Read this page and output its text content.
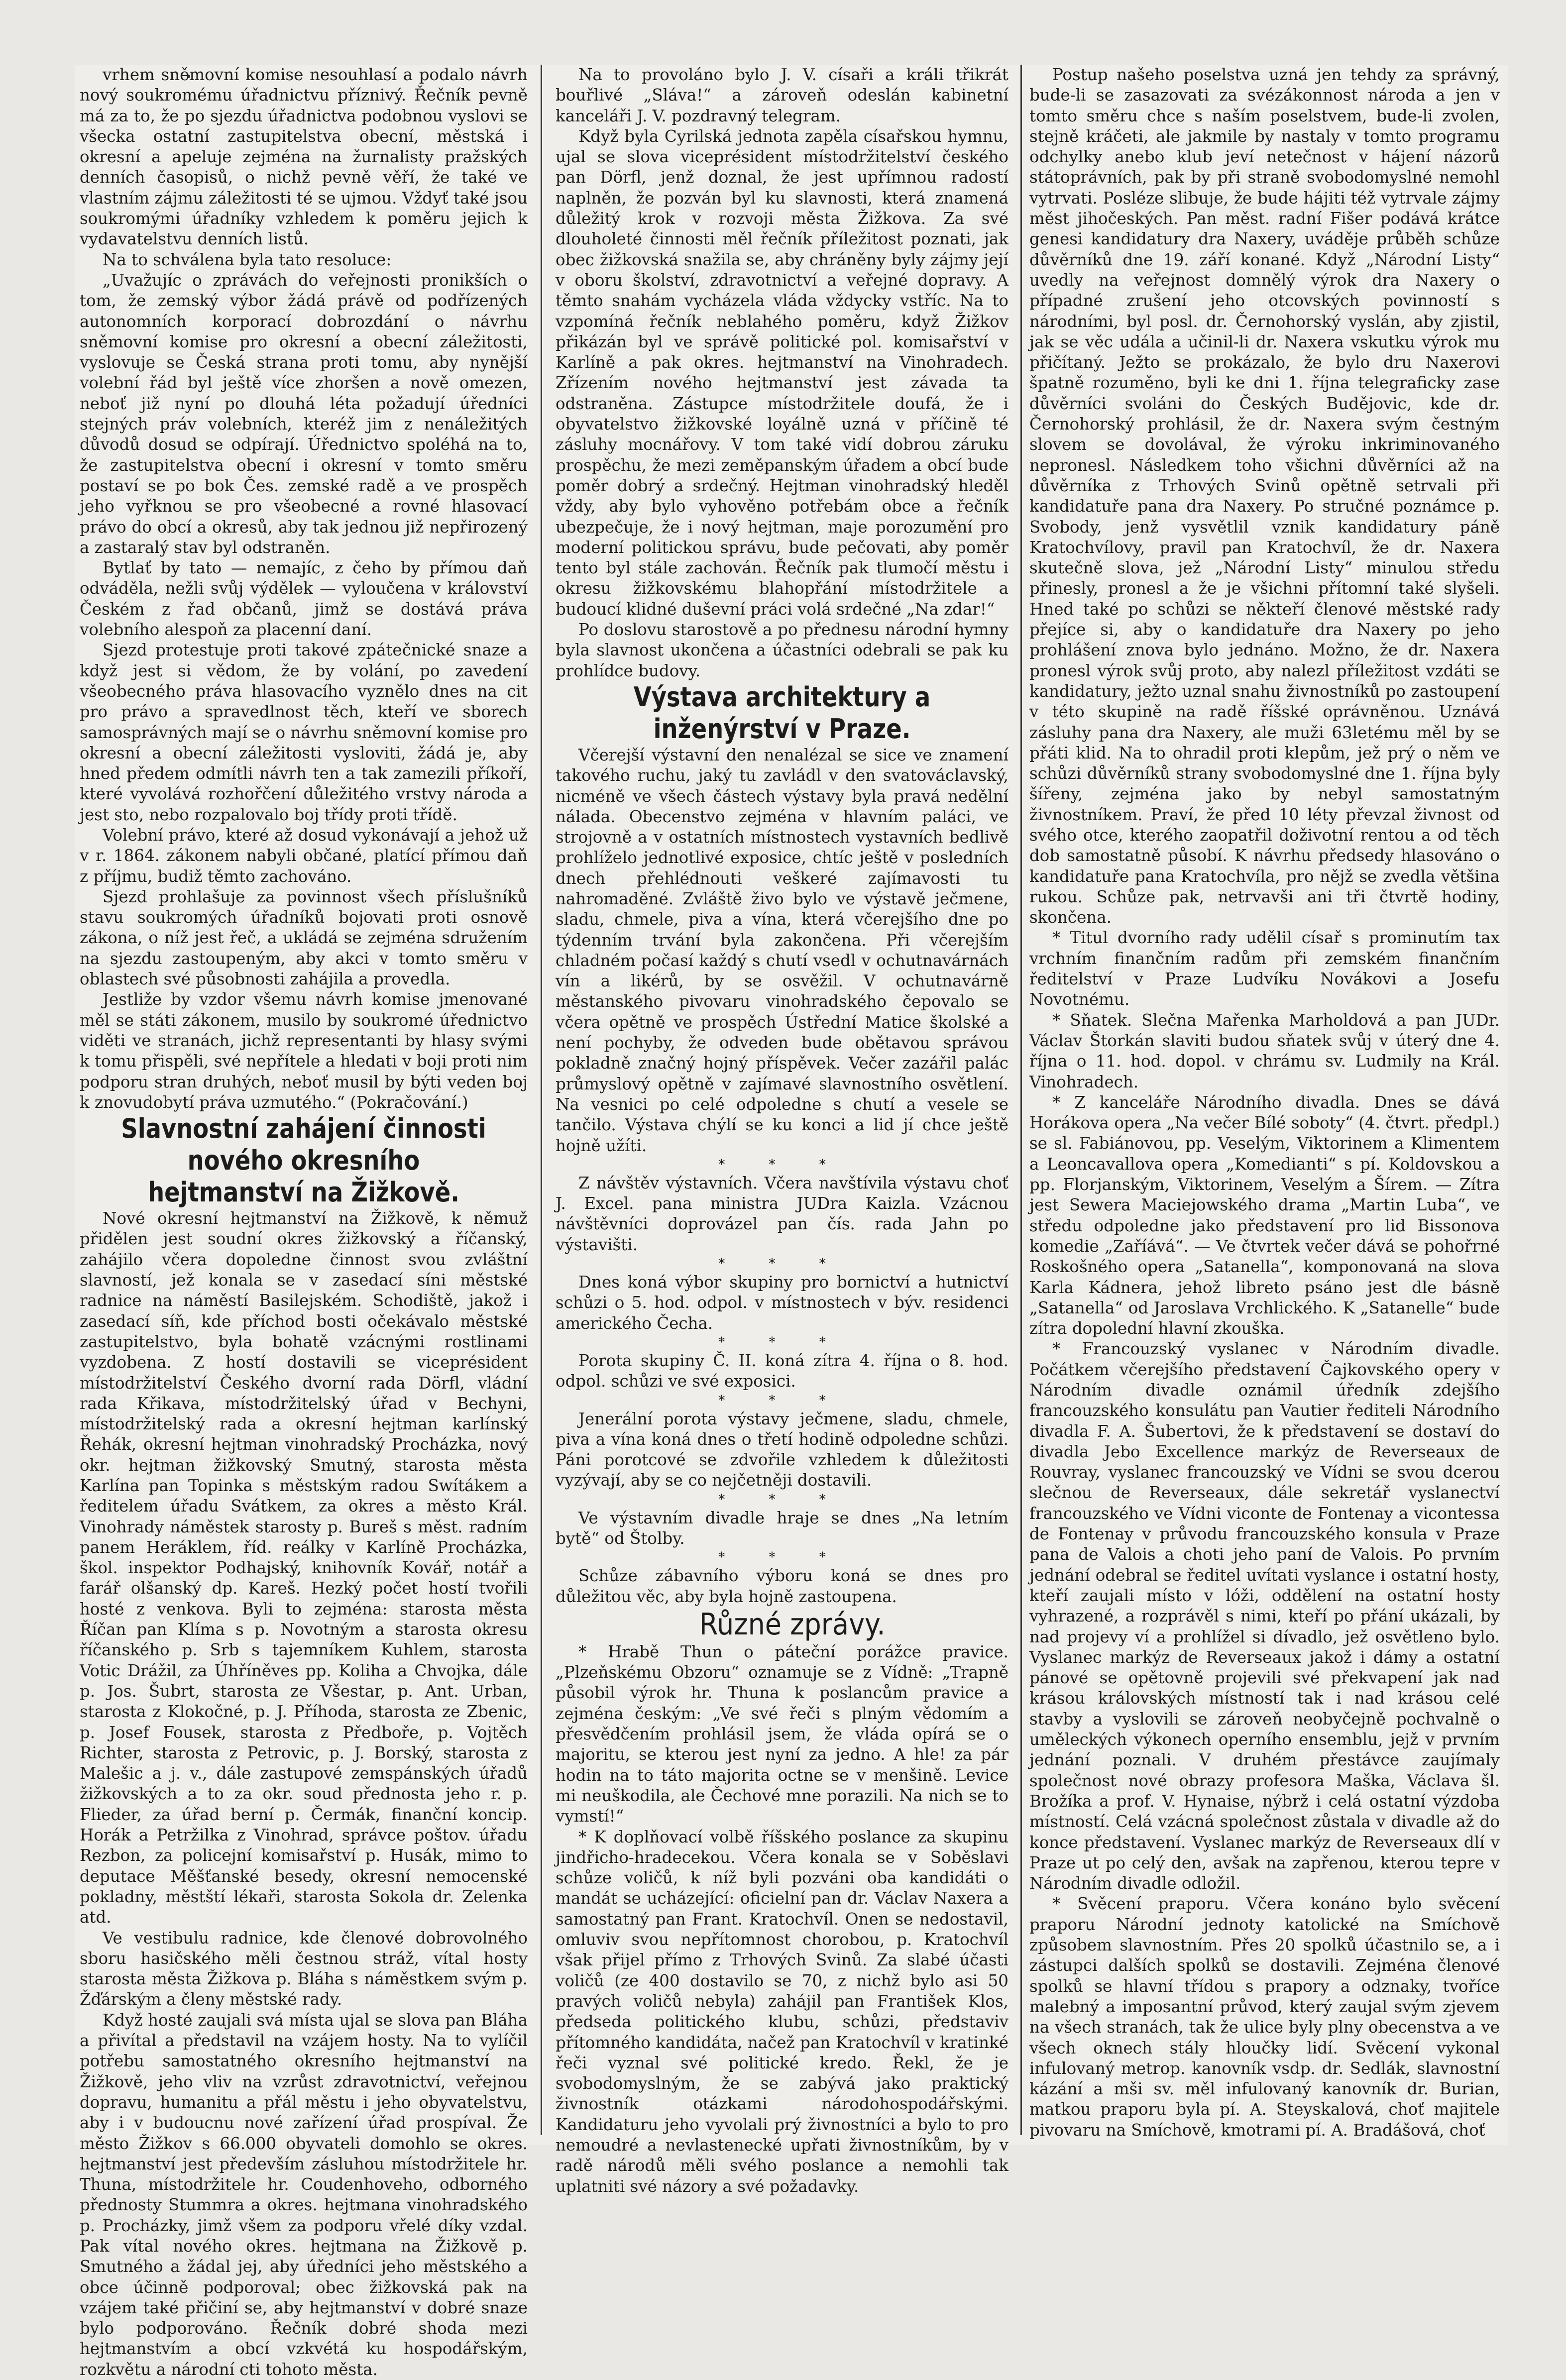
vrhem sněmovní komise nesouhlasí a podalo návrh nový soukromému úřadnictvu příznivý. Řečník pevně má za to, že po sjezdu úřadnictva podobnou vyslovi se všecka ostatní zastupitelstva obecní, městská i okresní a apeluje zejména na žurnalisty pražských denních časopisů, o nichž pevně věří, že také ve vlastním zájmu záležitosti té se ujmou. Vždyť také jsou soukromými úřadníky vzhledem k poměru jejich k vydavatelstvu denních listů.

Na to schválena byla tato resoluce:

„Uvažujíc o zprávách do veřejnosti pronikších o tom, že zemský výbor žádá právě od podřízených autonomních korporací dobrozdání o návrhu sněmovní komise pro okresní a obecní záležitosti, vyslovuje se Česká strana proti tomu, aby nynější volební řád byl ještě více zhoršen a nově omezen, neboť již nyní po dlouhá léta požadují úředníci stejných práv volebních, kteréž jim z nenáležitých důvodů dosud se odpírají. Úřednictvo spoléhá na to, že zastupitelstva obecní i okresní v tomto směru postaví se po bok Čes. zemské radě a ve prospěch jeho vyřknou se pro všeobecné a rovné hlasovací právo do obcí a okresů, aby tak jednou již nepřirozený a zastaralý stav byl odstraněn.

Bytlať by tato — nemajíc, z čeho by přímou daň odváděla, nežli svůj výdělek — vyloučena v království Českém z řad občanů, jimž se dostává práva volebního alespoň za placenní daní.

Sjezd protestuje proti takové zpátečnické snaze a když jest si vědom, že by volání, po zavedení všeobecného práva hlasovacího vyznělo dnes na cit pro právo a spravedlnost těch, kteří ve sborech samosprávných mají se o návrhu sněmovní komise pro okresní a obecní záležitosti vysloviti, žádá je, aby hned předem odmítli návrh ten a tak zamezili příkoří, které vyvolává rozhořčení důležitého vrstvy národa a jest sto, nebo rozpalovalo boj třídy proti třídě.

Volební právo, které až dosud vykonávají a jehož už v r. 1864. zákonem nabyli občané, platící přímou daň z příjmu, budiž těmto zachováno.

Sjezd prohlašuje za povinnost všech příslušníků stavu soukromých úřadníků bojovati proti osnově zákona, o níž jest řeč, a ukládá se zejména sdružením na sjezdu zastoupeným, aby akci v tomto směru v oblastech své působnosti zahájila a provedla.

Jestliže by vzdor všemu návrh komise jmenované měl se státi zákonem, musilo by soukromé úřednictvo viděti ve stranách, jichž representanti by hlasy svými k tomu přispěli, své nepřítele a hledati v boji proti nim podporu stran druhých, neboť musil by býti veden boj k znovudobytí práva uzmutého.“ (Pokračování.)

Slavnostní zahájení činnosti nového okresního hejtmanství na Žižkově.

Nové okresní hejtmanství na Žižkově, k němuž přidělen jest soudní okres žižkovský a říčanský, zahájilo včera dopoledne činnost svou zvláštní slavností, jež konala se v zasedací síni městské radnice na náměstí Basilejském. Schodiště, jakož i zasedací síň, kde příchod bosti očekávalo městské zastupitelstvo, byla bohatě vzácnými rostlinami vyzdobena. Z hostí dostavili se viceprésident místodržitelství Českého dvorní rada Dörfl, vládní rada Křikava, místodržitelský úřad v Bechyni, místodržitelský rada a okresní hejtman karlínský Řehák, okresní hejtman vinohradský Procházka, nový okr. hejtman žižkovský Smutný, starosta města Karlína pan Topinka s městským radou Swítákem a ředitelem úřadu Svátkem, za okres a město Král. Vinohrady náměstek starosty p. Bureš s měst. radním panem Heráklem, říd. reálky v Karlíně Procházka, škol. inspektor Podhajský, knihovník Kovář, notář a farář olšanský dp. Kareš. Hezký počet hostí tvořili hosté z venkova. Byli to zejména: starosta města Říčan pan Klíma s p. Novotným a starosta okresu říčanského p. Srb s tajemníkem Kuhlem, starosta Votic Drážil, za Úhříněves pp. Koliha a Chvojka, dále p. Jos. Šubrt, starosta ze Všestar, p. Ant. Urban, starosta z Klokočné, p. J. Příhoda, starosta ze Zbenic, p. Josef Fousek, starosta z Předboře, p. Vojtěch Richter, starosta z Petrovic, p. J. Borský, starosta z Malešic a j. v., dále zastupové zemspánských úřadů žižkovských a to za okr. soud přednosta jeho r. p. Flieder, za úřad berní p. Čermák, finanční koncip. Horák a Petržilka z Vinohrad, správce poštov. úřadu Rezbon, za policejní komisařství p. Husák, mimo to deputace Měšťanské besedy, okresní nemocenské pokladny, městští lékaři, starosta Sokola dr. Zelenka atd.

Ve vestibulu radnice, kde členové dobrovolného sboru hasičského měli čestnou stráž, vítal hosty starosta města Žižkova p. Bláha s náměstkem svým p. Žďárským a členy městské rady.

Když hosté zaujali svá místa ujal se slova pan Bláha a přivítal a představil na vzájem hosty. Na to vylíčil potřebu samostatného okresního hejtmanství na Žižkově, jeho vliv na vzrůst zdravotnictví, veřejnou dopravu, humanitu a přál městu i jeho obyvatelstvu, aby i v budoucnu nové zařízení úřad prospíval. Že město Žižkov s 66.000 obyvateli domohlo se okres. hejtmanství jest především zásluhou místodržitele hr. Thuna, místodržitele hr. Coudenhoveho, odborného přednosty Stummra a okres. hejtmana vinohradského p. Procházky, jimž všem za podporu vřelé díky vzdal. Pak vítal nového okres. hejtmana na Žižkově p. Smutného a žádal jej, aby úředníci jeho městského a obce účinně podporoval; obec žižkovská pak na vzájem také přičiní se, aby hejtmanství v dobré snaze bylo podporováno. Řečník dobré shoda mezi hejtmanstvím a obcí vzkvétá ku hospodářským, rozkvětu a národní cti tohoto města.

Na to provoláno bylo J. V. císaři a králi třikrát bouřlivé „Sláva!“ a zároveň odeslán kabinetní kanceláři J. V. pozdravný telegram.

Když byla Cyrilská jednota zapěla císařskou hymnu, ujal se slova viceprésident místodržitelství českého pan Dörfl, jenž doznal, že jest upřímnou radostí naplněn, že pozván byl ku slavnosti, která znamená důležitý krok v rozvoji města Žižkova. Za své dlouholeté činnosti měl řečník příležitost poznati, jak obec žižkovská snažila se, aby chráněny byly zájmy její v oboru školství, zdravotnictví a veřejné dopravy. A těmto snahám vycházela vláda vždycky vstříc. Na to vzpomíná řečník neblahého poměru, když Žižkov přikázán byl ve správě politické pol. komisařství v Karlíně a pak okres. hejtmanství na Vinohradech. Zřízením nového hejtmanství jest závada ta odstraněna. Zástupce místodržitele doufá, že i obyvatelstvo žižkovské loyálně uzná v příčině té zásluhy mocnářovy. V tom také vidí dobrou záruku prospěchu, že mezi zeměpanským úřadem a obcí bude poměr dobrý a srdečný. Hejtman vinohradský hleděl vždy, aby bylo vyhověno potřebám obce a řečník ubezpečuje, že i nový hejtman, maje porozumění pro moderní politickou správu, bude pečovati, aby poměr tento byl stále zachován. Řečník pak tlumočí městu i okresu žižkovskému blahopřání místodržitele a budoucí klidné duševní práci volá srdečné „Na zdar!“

Po doslovu starostově a po přednesu národní hymny byla slavnost ukončena a účastníci odebrali se pak ku prohlídce budovy.

Výstava architektury a inženýrství v Praze.

Včerejší výstavní den nenalézal se sice ve znamení takového ruchu, jaký tu zavládl v den svatováclavský, nicméně ve všech částech výstavy byla pravá nedělní nálada. Obecenstvo zejména v hlavním paláci, ve strojovně a v ostatních místnostech vystavních bedlivě prohlíželo jednotlivé exposice, chtíc ještě v posledních dnech přehlédnouti veškeré zajímavosti tu nahromaděné. Zvláště živo bylo ve výstavě ječmene, sladu, chmele, piva a vína, která včerejšího dne po týdenním trvání byla zakončena. Při včerejším chladném počasí každý s chutí vsedl v ochutnavárnách vín a likérů, by se osvěžil. V ochutnavárně městanského pivovaru vinohradského čepovalo se včera opětně ve prospěch Ústřední Matice školské a není pochyby, že odveden bude obětavou správou pokladně značný hojný příspěvek. Večer zazářil palác průmyslový opětně v zajímavé slavnostního osvětlení. Na vesnici po celé odpoledne s chutí a vesele se tančilo. Výstava chýlí se ku konci a lid jí chce ještě hojně užíti.

* * *

Z návštěv výstavních. Včera navštívila výstavu choť J. Excel. pana ministra JUDra Kaizla. Vzácnou návštěvníci doprovázel pan čís. rada Jahn po výstavišti.

* * *

Dnes koná výbor skupiny pro bornictví a hutnictví schůzi o 5. hod. odpol. v místnostech v býv. residenci amerického Čecha.

* * *

Porota skupiny Č. II. koná zítra 4. října o 8. hod. odpol. schůzi ve své exposici.

* * *

Jenerální porota výstavy ječmene, sladu, chmele, piva a vína koná dnes o třetí hodině odpoledne schůzi. Páni porotcové se zdvořile vzhledem k důležitosti vyzývají, aby se co nejčetněji dostavili.

* * *

Ve výstavním divadle hraje se dnes „Na letním bytě“ od Štolby.

* * *

Schůze zábavního výboru koná se dnes pro důležitou věc, aby byla hojně zastoupena.

Různé zprávy.

* Hrabě Thun o páteční porážce pravice. „Plzeňskému Obzoru“ oznamuje se z Vídně: „Trapně působil výrok hr. Thuna k poslancům pravice a zejména českým: „Ve své řeči s plným vědomím a přesvědčením prohlásil jsem, že vláda opírá se o majoritu, se kterou jest nyní za jedno. A hle! za pár hodin na to táto majorita octne se v menšině. Levice mi neuškodila, ale Čechové mne porazili. Na nich se to vymstí!“

* K doplňovací volbě říšského poslance za skupinu jindřicho-hradecekou. Včera konala se v Soběslavi schůze voličů, k níž byli pozváni oba kandidáti o mandát se ucházející: oficielní pan dr. Václav Naxera a samostatný pan Frant. Kratochvíl. Onen se nedostavil, omluviv svou nepřítomnost chorobou, p. Kratochvíl však přijel přímo z Trhových Svinů. Za slabé účasti voličů (ze 400 dostavilo se 70, z nichž bylo asi 50 pravých voličů nebyla) zahájil pan František Klos, předseda politického klubu, schůzi, představiv přítomného kandidáta, načež pan Kratochvíl v kratinké řeči vyznal své politické kredo. Řekl, že je svobodomyslným, že se zabývá jako praktický živnostník otázkami národohospodářskými. Kandidaturu jeho vyvolali prý živnostníci a bylo to pro nemoudré a nevlastenecké upřati živnostníkům, by v radě národů měli svého poslance a nemohli tak uplatniti své názory a své požadavky.

Postup našeho poselstva uzná jen tehdy za správný, bude-li se zasazovati za svézákonnost národa a jen v tomto směru chce s naším poselstvem, bude-li zvolen, stejně kráčeti, ale jakmile by nastaly v tomto programu odchylky anebo klub jeví netečnost v hájení názorů státoprávních, pak by při straně svobodomyslné nemohl vytrvati. Posléze slibuje, že bude hájiti též vytrvale zájmy měst jihočeských. Pan měst. radní Fišer podává krátce genesi kandidatury dra Naxery, uváděje průběh schůze důvěrníků dne 19. září konané. Když „Národní Listy“ uvedly na veřejnost domnělý výrok dra Naxery o případné zrušení jeho otcovských povinností s národními, byl posl. dr. Černohorský vyslán, aby zjistil, jak se věc udála a učinil-li dr. Naxera vskutku výrok mu přičítaný. Ježto se prokázalo, že bylo dru Naxerovi špatně rozuměno, byli ke dni 1. října telegraficky zase důvěrníci svoláni do Českých Budějovic, kde dr. Černohorský prohlásil, že dr. Naxera svým čestným slovem se dovolával, že výroku inkriminovaného nepronesl. Následkem toho všichni důvěrníci až na důvěrníka z Trhových Svinů opětně setrvali při kandidatuře pana dra Naxery. Po stručné poznámce p. Svobody, jenž vysvětlil vznik kandidatury páně Kratochvílovy, pravil pan Kratochvíl, že dr. Naxera skutečně slova, jež „Národní Listy“ minulou středu přinesly, pronesl a že je všichni přítomní také slyšeli. Hned také po schůzi se někteří členové městské rady přejíce si, aby o kandidatuře dra Naxery po jeho prohlášení znova bylo jednáno. Možno, že dr. Naxera pronesl výrok svůj proto, aby nalezl příležitost vzdáti se kandidatury, ježto uznal snahu živnostníků po zastoupení v této skupině na radě říšské oprávněnou. Uznává zásluhy pana dra Naxery, ale muži 63letému měl by se přáti klid. Na to ohradil proti klepům, jež prý o něm ve schůzi důvěrníků strany svobodomyslné dne 1. října byly šířeny, zejména jako by nebyl samostatným živnostníkem. Praví, že před 10 léty převzal živnost od svého otce, kterého zaopatřil doživotní rentou a od těch dob samostatně působí. K návrhu předsedy hlasováno o kandidatuře pana Kratochvíla, pro nějž se zvedla většina rukou. Schůze pak, netrvavši ani tři čtvrtě hodiny, skončena.

* Titul dvorního rady udělil císař s prominutím tax vrchním finančním radům při zemském finančním ředitelství v Praze Ludvíku Novákovi a Josefu Novotnému.

* Sňatek. Slečna Mařenka Marholdová a pan JUDr. Václav Štorkán slaviti budou sňatek svůj v úterý dne 4. října o 11. hod. dopol. v chrámu sv. Ludmily na Král. Vinohradech.

* Z kanceláře Národního divadla. Dnes se dává Horákova opera „Na večer Bílé soboty“ (4. čtvrt. předpl.) se sl. Fabiánovou, pp. Veselým, Viktorinem a Klimentem a Leoncavallova opera „Komedianti“ s pí. Koldovskou a pp. Florjanským, Viktorinem, Veselým a Šírem. — Zítra jest Sewera Maciejowského drama „Martin Luba“, ve středu odpoledne jako představení pro lid Bissonova komedie „Zaříává“. — Ve čtvrtek večer dává se pohořrné Roskošného opera „Satanella“, komponovaná na slova Karla Kádnera, jehož libreto psáno jest dle básně „Satanella“ od Jaroslava Vrchlického. K „Satanelle“ bude zítra dopolední hlavní zkouška.

* Francouzský vyslanec v Národním divadle. Počátkem včerejšího představení Čajkovského opery v Národním divadle oznámil úředník zdejšího francouzského konsulátu pan Vautier řediteli Národního divadla F. A. Šubertovi, že k představení se dostaví do divadla Jebo Excellence markýz de Reverseaux de Rouvray, vyslanec francouzský ve Vídni se svou dcerou slečnou de Reverseaux, dále sekretář vyslanectví francouzského ve Vídni viconte de Fontenay a vicontessa de Fontenay v průvodu francouzského konsula v Praze pana de Valois a choti jeho paní de Valois. Po prvním jednání odebral se ředitel uvítati vyslance i ostatní hosty, kteří zaujali místo v lóži, oddělení na ostatní hosty vyhrazené, a rozprávěl s nimi, kteří po přání ukázali, by nad projevy ví a prohlížel si dívadlo, jež osvětleno bylo. Vyslanec markýz de Reverseaux jakož i dámy a ostatní pánové se opětovně projevili své překvapení jak nad krásou královských místností tak i nad krásou celé stavby a vyslovili se zároveň neobyčejně pochvalně o uměleckých výkonech operního ensemblu, jejž v prvním jednání poznali. V druhém přestávce zaujímaly společnost nové obrazy profesora Maška, Václava šl. Brožíka a prof. V. Hynaise, nýbrž i celá ostatní výzdoba místností. Celá vzácná společnost zůstala v divadle až do konce představení. Vyslanec markýz de Reverseaux dlí v Praze ut po celý den, avšak na zapřenou, kterou tepre v Národním divadle odložil.

* Svěcení praporu. Včera konáno bylo svěcení praporu Národní jednoty katolické na Smíchově způsobem slavnostním. Přes 20 spolků účastnilo se, a i zástupci dalších spolků se dostavili. Zejména členové spolků se hlavní třídou s prapory a odznaky, tvoříce malebný a imposantní průvod, který zaujal svým zjevem na všech stranách, tak že ulice byly plny obecenstva a ve všech oknech stály hloučky lidí. Svěcení vykonal infulovaný metrop. kanovník vsdp. dr. Sedlák, slavnostní kázání a mši sv. měl infulovaný kanovník dr. Burian, matkou praporu byla pí. A. Steyskalová, choť majitele pivovaru na Smíchově, kmotrami pí. A. Bradášová, choť
